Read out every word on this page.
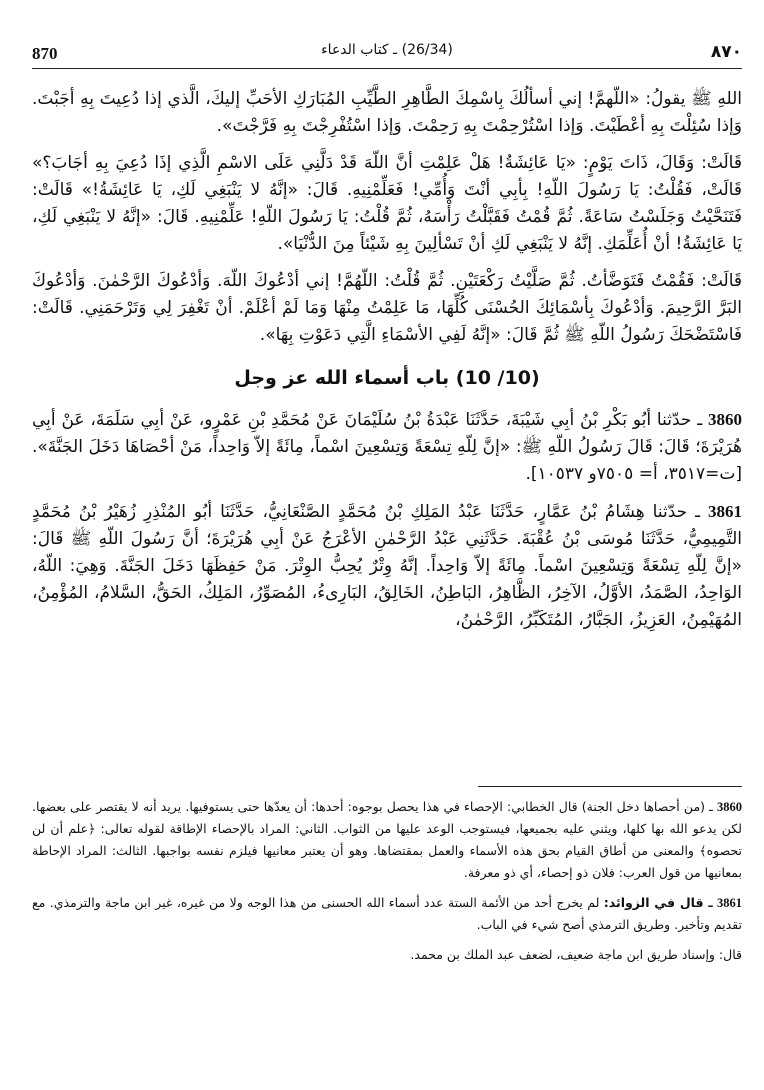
870	(26/34) ـ كتاب الدعاء	٨٧٠

اللهِ ﷺ يقولُ: «اللّهمَّ! إني أسألُكَ بِاسْمِكَ الطَّاهِرِ الطَّيِّبِ المُبَارَكِ الأحَبِّ إليكَ، الَّذي إذا دُعِيتَ بِهِ أجَبْتَ. وَإذا سُئِلْتَ بِهِ أعْطَيْتَ. وَإذا اسْتُرْحِمْتَ بِهِ رَحِمْتَ. وَإذا اسْتُفْرِجْتَ بِهِ فَرَّجْتَ».

قَالَتْ: وَقَالَ، ذَاتَ يَوْمٍ: «يَا عَائِشَةُ! هَلْ عَلِمْتِ أنَّ اللّهَ قَدْ دَلَّنِي عَلَى الاسْمِ الَّذِي إذَا دُعِيَ بِهِ أجَابَ؟» قَالَتْ، فَقُلْتُ: يَا رَسُولَ اللّهِ! بِأبِي أنْتَ وَأُمِّي! فَعَلِّمْنِيهِ. قَالَ: «إنَّهُ لا يَنْبَغِي لَكِ، يَا عَائِشَةُ!» قَالَتْ: فَتَنَحَّيْتُ وَجَلَسْتُ سَاعَةً. ثُمَّ قُمْتُ فَقَبَّلْتُ رَأْسَهُ، ثُمَّ قُلْتُ: يَا رَسُولَ اللّهِ! عَلِّمْنِيهِ. قَالَ: «إنَّهُ لا يَنْبَغِي لَكِ، يَا عَائِشَةُ! أنْ أُعَلِّمَكِ. إنَّهُ لا يَنْبَغِي لَكِ أنْ تَسْألِينَ بِهِ شَيْئاً مِنَ الدُّنْيَا».

قَالَتْ: فَقُمْتُ فَتَوَضَّأتُ. ثُمَّ صَلَّيْتُ رَكْعَتَيْنِ. ثُمَّ قُلْتُ: اللّهُمَّ! إني أدْعُوكَ اللّهَ. وَأدْعُوكَ الرَّحْمٰنَ. وَأدْعُوكَ البَرَّ الرَّحِيمَ. وَأدْعُوكَ بِأسْمَائِكَ الحُسْنَى كُلِّهَا، مَا عَلِمْتُ مِنْهَا وَمَا لَمْ أعْلَمْ. أنْ تَغْفِرَ لِي وَتَرْحَمَنِي. قَالَتْ: فَاسْتَضْحَكَ رَسُولُ اللّهِ ﷺ ثُمَّ قَالَ: «إنَّهُ لَفِي الأسْمَاءِ الَّتِي دَعَوْتِ بِهَا».

(10/ 10) باب أسماء الله عز وجل

3860 ـ حدّثنا أبُو بَكْرِ بْنُ أبِي شَيْبَةَ، حَدَّثَنَا عَبْدَةُ بْنُ سُلَيْمَانَ عَنْ مُحَمَّدِ بْنِ عَمْرٍو، عَنْ أبِي سَلَمَةَ، عَنْ أبِي هُرَيْرَةَ؛ قَالَ: قَالَ رَسُولُ اللّهِ ﷺ: «إنَّ لِلّهِ تِسْعَةً وَتِسْعِينَ اسْماً، مِائَةً إلاّ وَاحِداً، مَنْ أحْصَاهَا دَخَلَ الجَنَّةَ». [ت=٣٥١٧، أ= ٧٥٠٥و ١٠٥٣٧].

3861 ـ حدّثنا هِشَامُ بْنُ عَمَّارٍ، حَدَّثَنَا عَبْدُ المَلِكِ بْنُ مُحَمَّدٍ الصَّنْعَانِيُّ، حَدَّثَنَا أبُو المُنْذِرِ زُهَيْرُ بْنُ مُحَمَّدٍ التَّمِيمِيُّ، حَدَّثَنَا مُوسَى بْنُ عُقْبَةَ. حَدَّثَنِي عَبْدُ الرَّحْمٰنِ الأعْرَجُ عَنْ أبِي هُرَيْرَةَ؛ أنَّ رَسُولَ اللّهِ ﷺ قَالَ: «إنَّ لِلّهِ تِسْعَةً وَتِسْعِينَ اسْماً. مِائَةً إلاّ وَاحِداً. إنَّهُ وِتْرٌ يُحِبُّ الوِتْرَ. مَنْ حَفِظَهَا دَخَلَ الجَنَّةَ. وَهِيَ: اللّهُ، الوَاحِدُ، الصَّمَدُ، الأوَّلُ، الآخِرُ، الظَّاهِرُ، البَاطِنُ، الخَالِقُ، البَارِىءُ، المُصَوِّرُ، المَلِكُ، الحَقُّ، السَّلامُ، المُؤْمِنُ، المُهَيْمِنُ، العَزِيزُ، الجَبَّارُ، المُتَكَبِّرُ، الرَّحْمٰنُ،

3860 ـ (من أحصاها دخل الجنة) قال الخطابي: الإحصاء في هذا يحصل بوجوه: أحدها: أن يعدّها حتى يستوفيها. يريد أنه لا يقتصر على بعضها. لكن يدعو الله بها كلها، ويثني عليه بجميعها، فيستوجب الوعد عليها من الثواب. الثاني: المراد بالإحصاء الإطاقة لقوله تعالى: ﴿علم أن لن تحصوه﴾ والمعنى من أطاق القيام بحق هذه الأسماء والعمل بمقتضاها. وهو أن يعتبر معانيها فيلزم نفسه بواجبها. الثالث: المراد الإحاطة بمعانيها من قول العرب: فلان ذو إحصاء، أي ذو معرفة.

3861 ـ قال في الزوائد: لم يخرج أحد من الأئمة الستة عدد أسماء الله الحسنى من هذا الوجه ولا من غيره، غير ابن ماجة والترمذي. مع تقديم وتأخير. وطريق الترمذي أصح شيء في الباب.

قال: وإسناد طريق ابن ماجة ضعيف، لضعف عبد الملك بن محمد.
